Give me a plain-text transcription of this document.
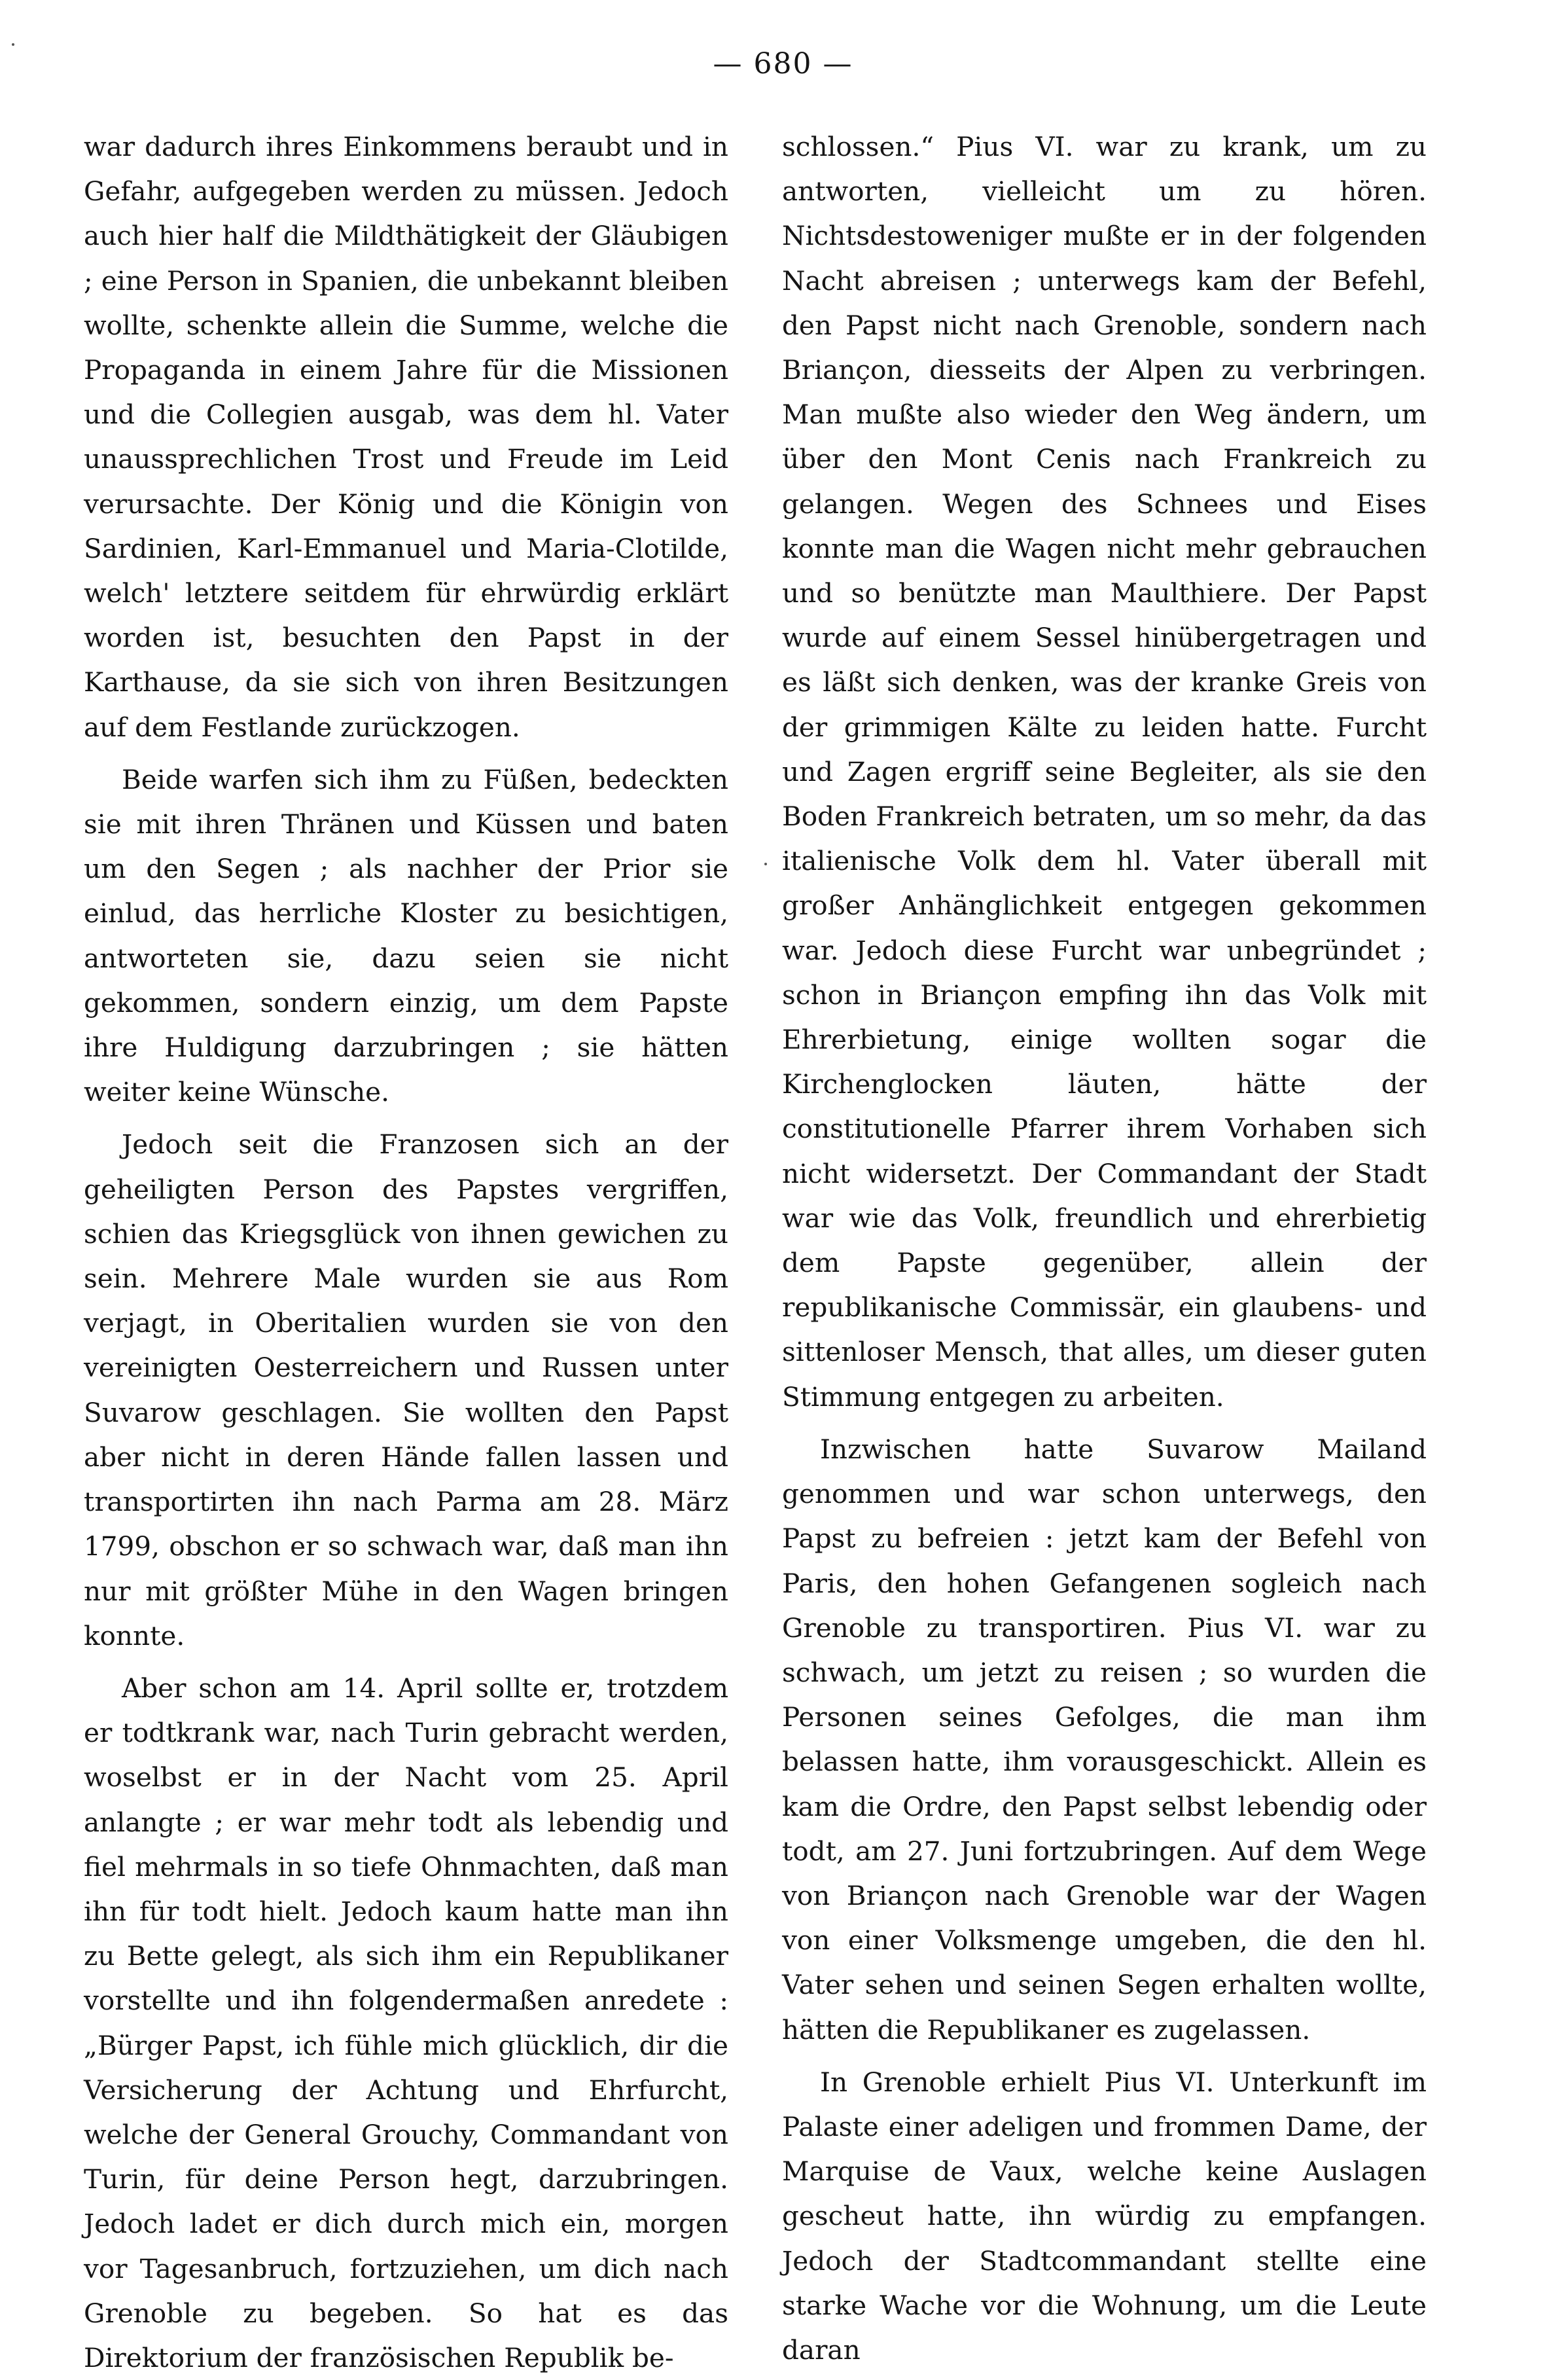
— 680 —

war dadurch ihres Einkommens beraubt und in Gefahr, aufgegeben werden zu müssen. Jedoch auch hier half die Mildthätigkeit der Gläubigen ; eine Person in Spanien, die unbekannt bleiben wollte, schenkte allein die Summe, welche die Propaganda in einem Jahre für die Missionen und die Collegien ausgab, was dem hl. Vater unaussprechlichen Trost und Freude im Leid verursachte. Der König und die Königin von Sardinien, Karl-Emmanuel und Maria-Clotilde, welch' letztere seitdem für ehrwürdig erklärt worden ist, besuchten den Papst in der Karthause, da sie sich von ihren Besitzungen auf dem Festlande zurückzogen.

Beide warfen sich ihm zu Füßen, bedeckten sie mit ihren Thränen und Küssen und baten um den Segen ; als nachher der Prior sie einlud, das herrliche Kloster zu besichtigen, antworteten sie, dazu seien sie nicht gekommen, sondern einzig, um dem Papste ihre Huldigung darzubringen ; sie hätten weiter keine Wünsche.

Jedoch seit die Franzosen sich an der geheiligten Person des Papstes vergriffen, schien das Kriegsglück von ihnen gewichen zu sein. Mehrere Male wurden sie aus Rom verjagt, in Oberitalien wurden sie von den vereinigten Oesterreichern und Russen unter Suvarow geschlagen. Sie wollten den Papst aber nicht in deren Hände fallen lassen und transportirten ihn nach Parma am 28. März 1799, obschon er so schwach war, daß man ihn nur mit größter Mühe in den Wagen bringen konnte.

Aber schon am 14. April sollte er, trotzdem er todtkrank war, nach Turin gebracht werden, woselbst er in der Nacht vom 25. April anlangte ; er war mehr todt als lebendig und fiel mehrmals in so tiefe Ohnmachten, daß man ihn für todt hielt. Jedoch kaum hatte man ihn zu Bette gelegt, als sich ihm ein Republikaner vorstellte und ihn folgendermaßen anredete : „Bürger Papst, ich fühle mich glücklich, dir die Versicherung der Achtung und Ehrfurcht, welche der General Grouchy, Commandant von Turin, für deine Person hegt, darzubringen. Jedoch ladet er dich durch mich ein, morgen vor Tagesanbruch, fortzuziehen, um dich nach Grenoble zu begeben. So hat es das Direktorium der französischen Republik be-

schlossen.“ Pius VI. war zu krank, um zu antworten, vielleicht um zu hören. Nichtsdestoweniger mußte er in der folgenden Nacht abreisen ; unterwegs kam der Befehl, den Papst nicht nach Grenoble, sondern nach Briançon, diesseits der Alpen zu verbringen. Man mußte also wieder den Weg ändern, um über den Mont Cenis nach Frankreich zu gelangen. Wegen des Schnees und Eises konnte man die Wagen nicht mehr gebrauchen und so benützte man Maulthiere. Der Papst wurde auf einem Sessel hinübergetragen und es läßt sich denken, was der kranke Greis von der grimmigen Kälte zu leiden hatte. Furcht und Zagen ergriff seine Begleiter, als sie den Boden Frankreich betraten, um so mehr, da das italienische Volk dem hl. Vater überall mit großer Anhänglichkeit entgegen gekommen war. Jedoch diese Furcht war unbegründet ; schon in Briançon empfing ihn das Volk mit Ehrerbietung, einige wollten sogar die Kirchenglocken läuten, hätte der constitutionelle Pfarrer ihrem Vorhaben sich nicht widersetzt. Der Commandant der Stadt war wie das Volk, freundlich und ehrerbietig dem Papste gegenüber, allein der republikanische Commissär, ein glaubens- und sittenloser Mensch, that alles, um dieser guten Stimmung entgegen zu arbeiten.

Inzwischen hatte Suvarow Mailand genommen und war schon unterwegs, den Papst zu befreien : jetzt kam der Befehl von Paris, den hohen Gefangenen sogleich nach Grenoble zu transportiren. Pius VI. war zu schwach, um jetzt zu reisen ; so wurden die Personen seines Gefolges, die man ihm belassen hatte, ihm vorausgeschickt. Allein es kam die Ordre, den Papst selbst lebendig oder todt, am 27. Juni fortzubringen. Auf dem Wege von Briançon nach Grenoble war der Wagen von einer Volksmenge umgeben, die den hl. Vater sehen und seinen Segen erhalten wollte, hätten die Republikaner es zugelassen.

In Grenoble erhielt Pius VI. Unterkunft im Palaste einer adeligen und frommen Dame, der Marquise de Vaux, welche keine Auslagen gescheut hatte, ihn würdig zu empfangen. Jedoch der Stadtcommandant stellte eine starke Wache vor die Wohnung, um die Leute daran
